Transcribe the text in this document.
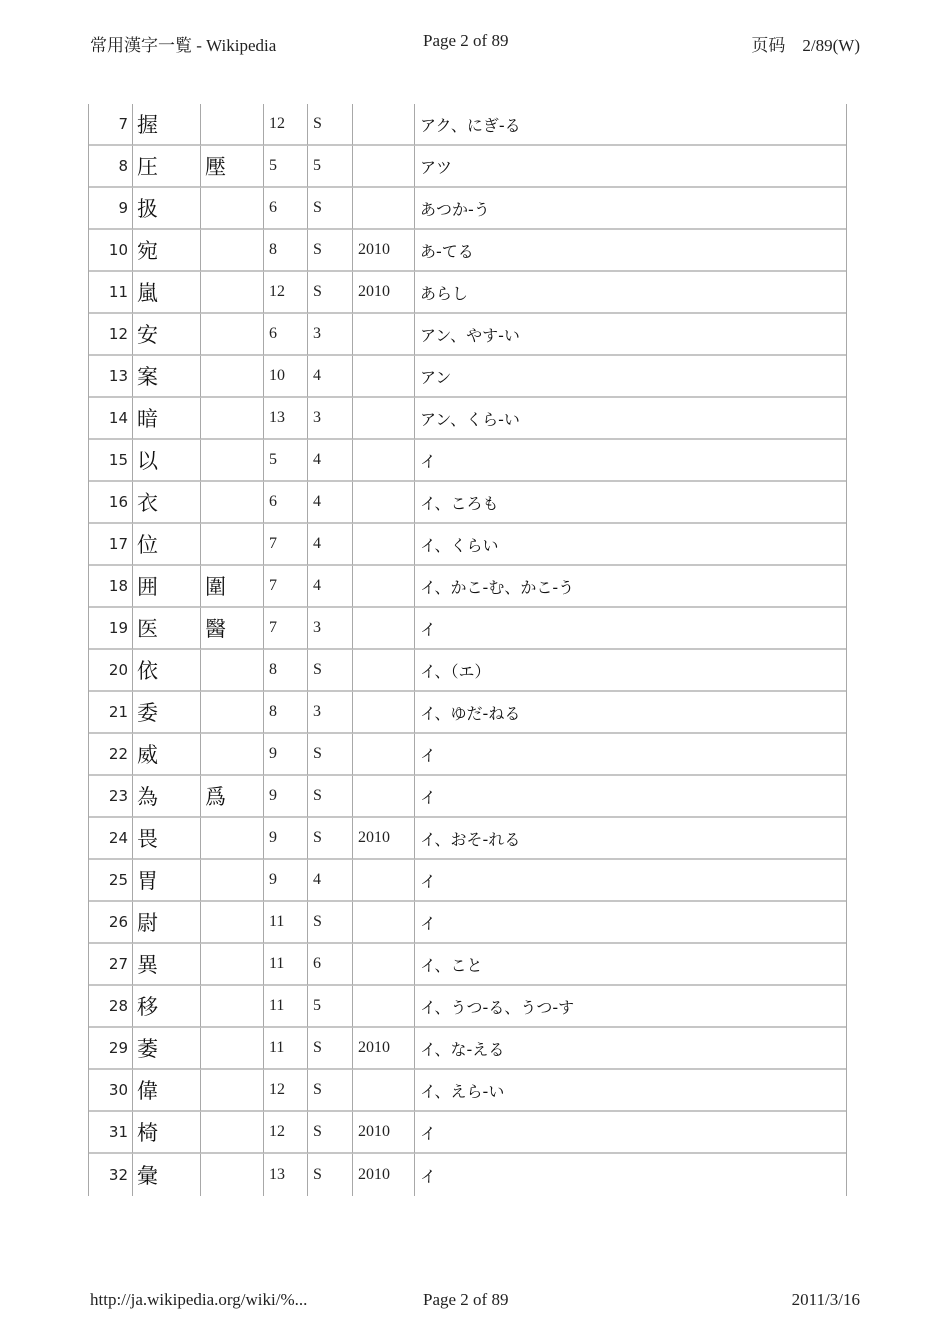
常用漢字一覧 - Wikipedia	Page 2 of 89	页码　2/89(W)
7	握		12	S		アク、にぎ-る
8	圧	壓	5	5		アツ
9	扱		6	S		あつか-う
10	宛		8	S	2010	あ-てる
11	嵐		12	S	2010	あらし
12	安		6	3		アン、やす-い
13	案		10	4		アン
14	暗		13	3		アン、くら-い
15	以		5	4		イ
16	衣		6	4		イ、ころも
17	位		7	4		イ、くらい
18	囲	圍	7	4		イ、かこ-む、かこ-う
19	医	醫	7	3		イ
20	依		8	S		イ、（エ）
21	委		8	3		イ、ゆだ-ねる
22	威		9	S		イ
23	為	爲	9	S		イ
24	畏		9	S	2010	イ、おそ-れる
25	胃		9	4		イ
26	尉		11	S		イ
27	異		11	6		イ、こと
28	移		11	5		イ、うつ-る、うつ-す
29	萎		11	S	2010	イ、な-える
30	偉		12	S		イ、えら-い
31	椅		12	S	2010	イ
32	彙		13	S	2010	イ
http://ja.wikipedia.org/wiki/%...	Page 2 of 89	2011/3/16
